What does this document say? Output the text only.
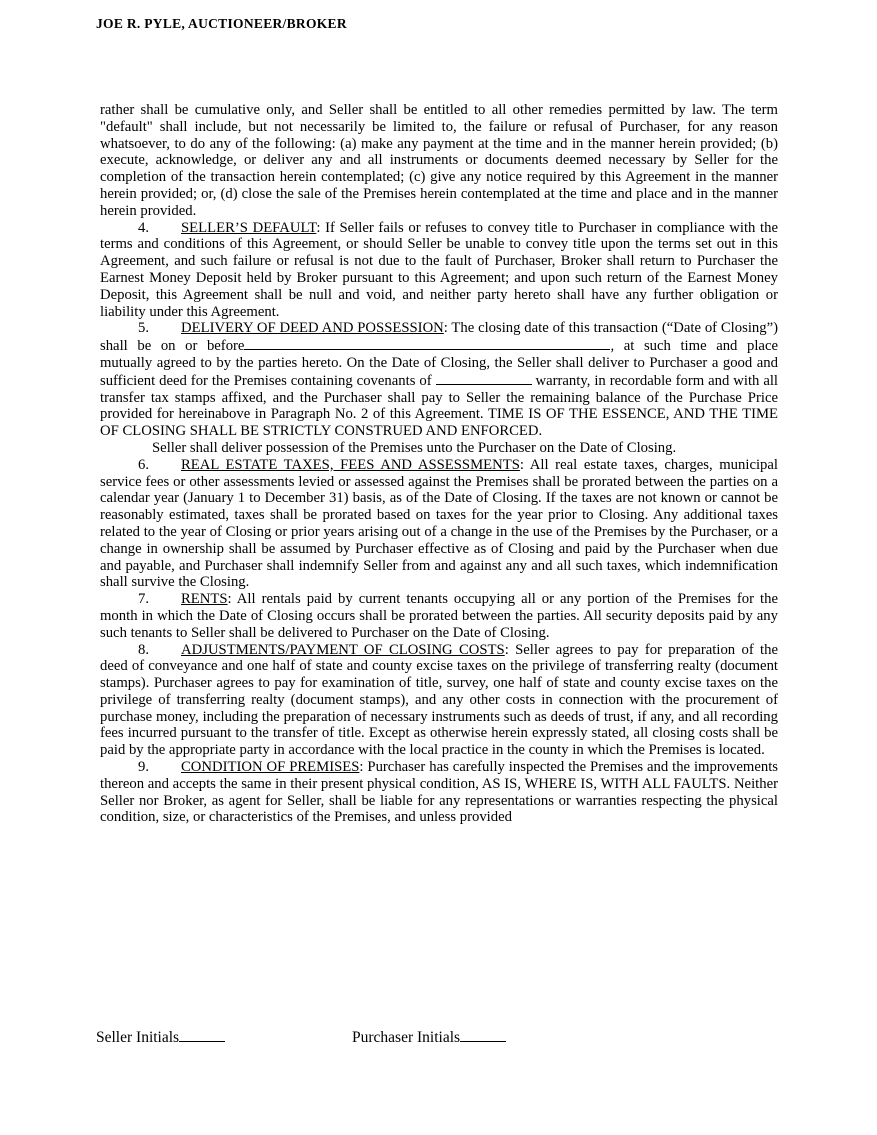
JOE R. PYLE, AUCTIONEER/BROKER

rather shall be cumulative only, and Seller shall be entitled to all other remedies permitted by law. The term "default" shall include, but not necessarily be limited to, the failure or refusal of Purchaser, for any reason whatsoever, to do any of the following: (a) make any payment at the time and in the manner herein provided; (b) execute, acknowledge, or deliver any and all instruments or documents deemed necessary by Seller for the completion of the transaction herein contemplated; (c) give any notice required by this Agreement in the manner herein provided; or, (d) close the sale of the Premises herein contemplated at the time and place and in the manner herein provided.

4. SELLER’S DEFAULT: If Seller fails or refuses to convey title to Purchaser in compliance with the terms and conditions of this Agreement, or should Seller be unable to convey title upon the terms set out in this Agreement, and such failure or refusal is not due to the fault of Purchaser, Broker shall return to Purchaser the Earnest Money Deposit held by Broker pursuant to this Agreement; and upon such return of the Earnest Money Deposit, this Agreement shall be null and void, and neither party hereto shall have any further obligation or liability under this Agreement.

5. DELIVERY OF DEED AND POSSESSION: The closing date of this transaction (“Date of Closing”) shall be on or before	, at such time and place mutually agreed to by the parties hereto. On the Date of Closing, the Seller shall deliver to Purchaser a good and sufficient deed for the Premises containing covenants of	warranty, in recordable form and with all transfer tax stamps affixed, and the Purchaser shall pay to Seller the remaining balance of the Purchase Price provided for hereinabove in Paragraph No. 2 of this Agreement. TIME IS OF THE ESSENCE, AND THE TIME OF CLOSING SHALL BE STRICTLY CONSTRUED AND ENFORCED.

Seller shall deliver possession of the Premises unto the Purchaser on the Date of Closing.

6. REAL ESTATE TAXES, FEES AND ASSESSMENTS: All real estate taxes, charges, municipal service fees or other assessments levied or assessed against the Premises shall be prorated between the parties on a calendar year (January 1 to December 31) basis, as of the Date of Closing. If the taxes are not known or cannot be reasonably estimated, taxes shall be prorated based on taxes for the year prior to Closing. Any additional taxes related to the year of Closing or prior years arising out of a change in the use of the Premises by the Purchaser, or a change in ownership shall be assumed by Purchaser effective as of Closing and paid by the Purchaser when due and payable, and Purchaser shall indemnify Seller from and against any and all such taxes, which indemnification shall survive the Closing.

7. RENTS: All rentals paid by current tenants occupying all or any portion of the Premises for the month in which the Date of Closing occurs shall be prorated between the parties. All security deposits paid by any such tenants to Seller shall be delivered to Purchaser on the Date of Closing.

8. ADJUSTMENTS/PAYMENT OF CLOSING COSTS: Seller agrees to pay for preparation of the deed of conveyance and one half of state and county excise taxes on the privilege of transferring realty (document stamps). Purchaser agrees to pay for examination of title, survey, one half of state and county excise taxes on the privilege of transferring realty (document stamps), and any other costs in connection with the procurement of purchase money, including the preparation of necessary instruments such as deeds of trust, if any, and all recording fees incurred pursuant to the transfer of title. Except as otherwise herein expressly stated, all closing costs shall be paid by the appropriate party in accordance with the local practice in the county in which the Premises is located.

9. CONDITION OF PREMISES: Purchaser has carefully inspected the Premises and the improvements thereon and accepts the same in their present physical condition, AS IS, WHERE IS, WITH ALL FAULTS. Neither Seller nor Broker, as agent for Seller, shall be liable for any representations or warranties respecting the physical condition, size, or characteristics of the Premises, and unless provided

Seller Initials	Purchaser Initials
